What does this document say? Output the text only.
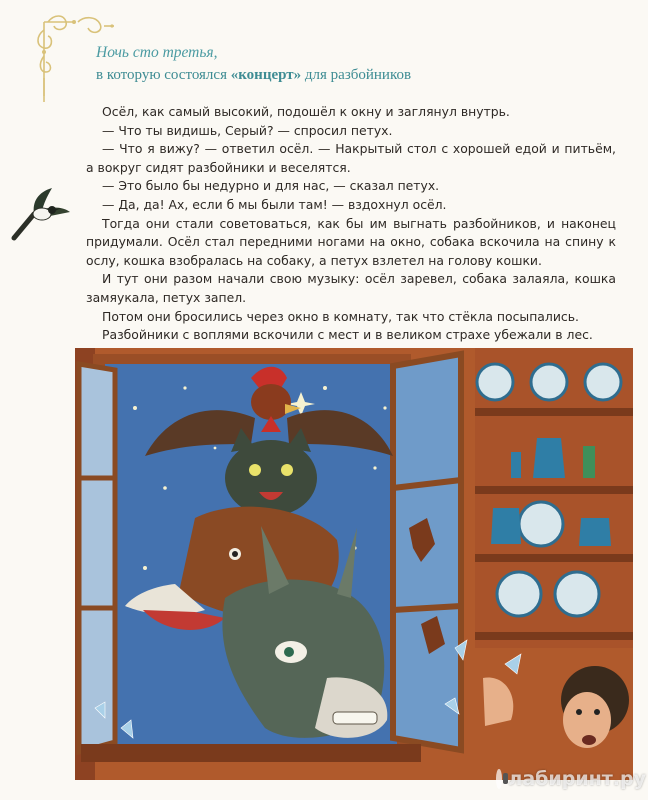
Ночь сто третья,
в которую состоялся «концерт» для разбойников

Осёл, как самый высокий, подошёл к окну и заглянул внутрь.

— Что ты видишь, Серый? — спросил петух.

— Что я вижу? — ответил осёл. — Накрытый стол с хорошей едой и питьём, а вокруг сидят разбойники и веселятся.

— Это было бы недурно и для нас, — сказал петух.

— Да, да! Ах, если б мы были там! — вздохнул осёл.

Тогда они стали советоваться, как бы им выгнать разбойников, и наконец придумали. Осёл стал передними ногами на окно, собака вскочила на спину к ослу, кошка взобралась на собаку, а петух взлетел на голову кошки.

И тут они разом начали свою музыку: осёл заревел, собака залаяла, кошка замяукала, петух запел.

Потом они бросились через окно в комнату, так что стёкла посыпались.

Разбойники с воплями вскочили с мест и в великом страхе убежали в лес.

лабиринт.ру
